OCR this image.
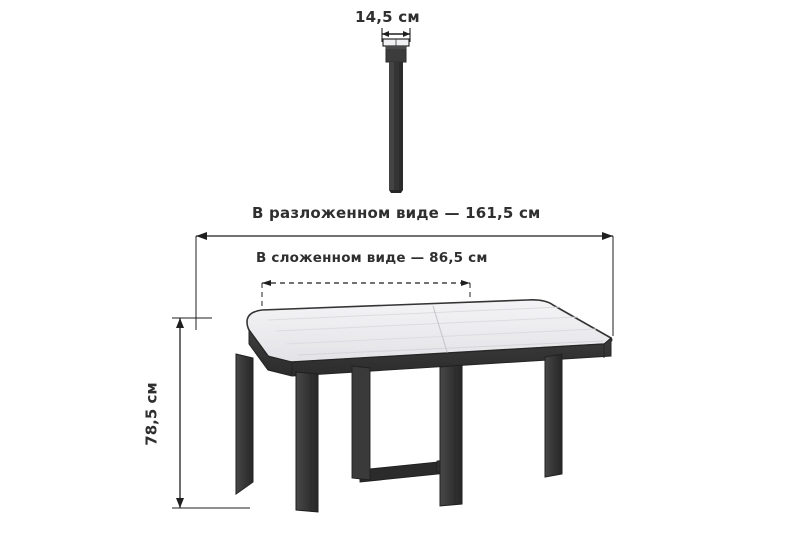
14,5 см
В разложенном виде — 161,5 см
В сложенном виде — 86,5 см
78,5 см
